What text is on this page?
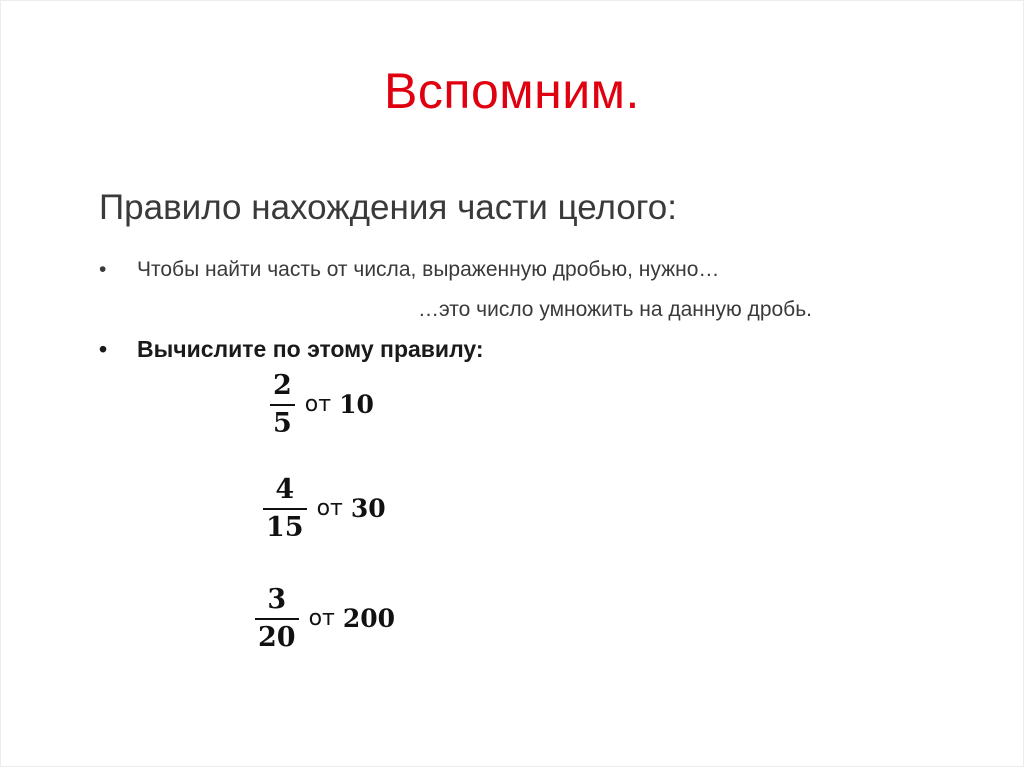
Вспомним.
Правило нахождения части целого:
• Чтобы найти часть от числа, выраженную дробью, нужно…
…это число умножить на данную дробь.
• Вычислите по этому правилу:
$\frac{2}{5}$ от 10
$\frac{4}{15}$ от 30
$\frac{3}{20}$ от 200
